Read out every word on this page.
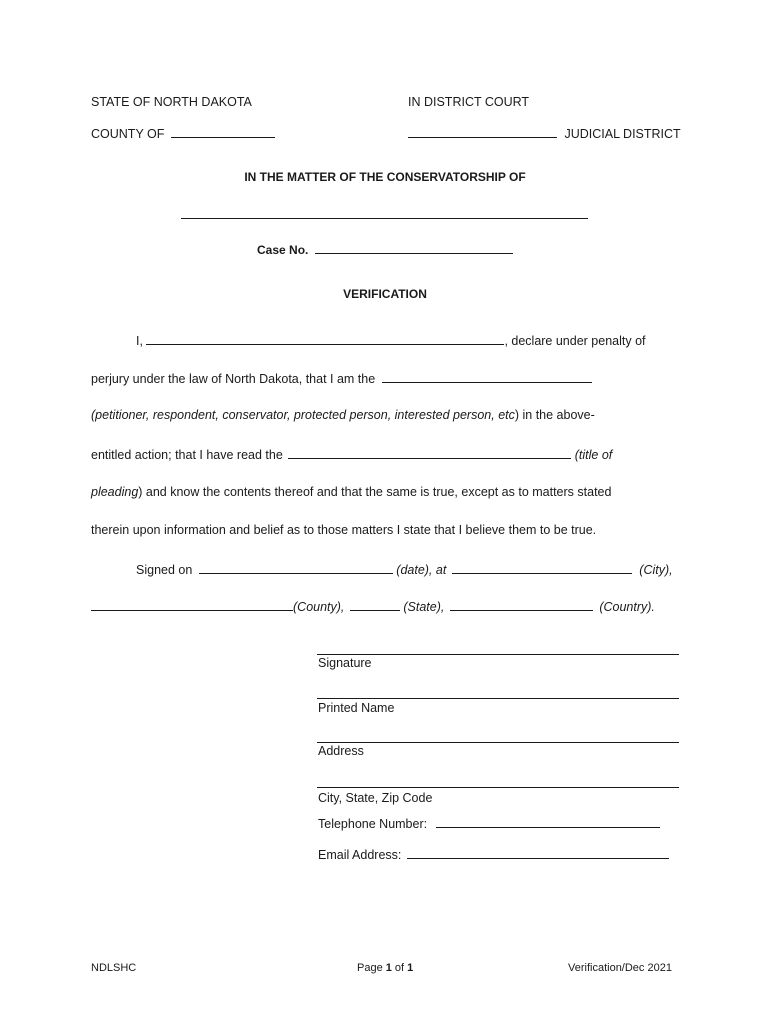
STATE OF NORTH DAKOTA	IN DISTRICT COURT
COUNTY OF	JUDICIAL DISTRICT
IN THE MATTER OF THE CONSERVATORSHIP OF
Case No.
VERIFICATION
I,	, declare under penalty of
perjury under the law of North Dakota, that I am the
(petitioner, respondent, conservator, protected person, interested person, etc) in the above-
entitled action; that I have read the	(title of
pleading) and know the contents thereof and that the same is true, except as to matters stated
therein upon information and belief as to those matters I state that I believe them to be true.
Signed on	(date), at	(City),
(County),	(State),	(Country).
Signature
Printed Name
Address
City, State, Zip Code
Telephone Number:
Email Address:
NDLSHC	Page 1 of 1	Verification/Dec 2021
